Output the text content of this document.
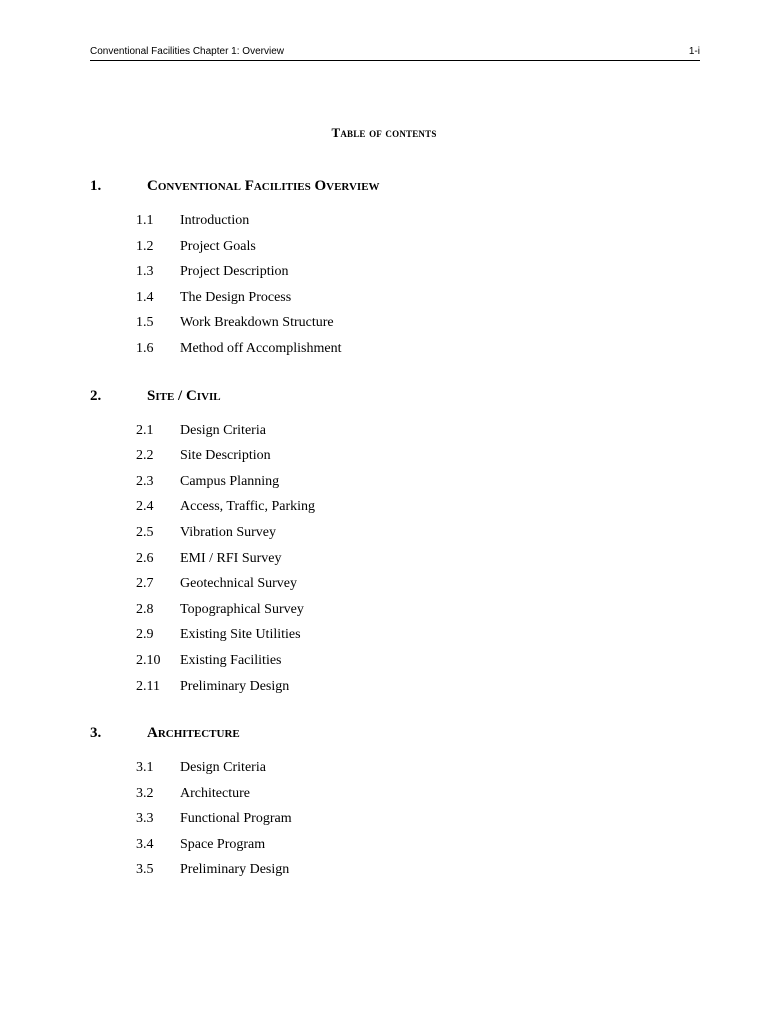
Conventional Facilities Chapter 1: Overview	1-i
Table of contents
1.	Conventional Facilities Overview
1.1 Introduction
1.2 Project Goals
1.3 Project Description
1.4 The Design Process
1.5 Work Breakdown Structure
1.6 Method off Accomplishment
2.	Site / Civil
2.1 Design Criteria
2.2 Site Description
2.3 Campus Planning
2.4 Access, Traffic, Parking
2.5 Vibration Survey
2.6 EMI / RFI Survey
2.7 Geotechnical Survey
2.8 Topographical Survey
2.9 Existing Site Utilities
2.10 Existing Facilities
2.11 Preliminary Design
3.	Architecture
3.1 Design Criteria
3.2 Architecture
3.3 Functional Program
3.4 Space Program
3.5 Preliminary Design
